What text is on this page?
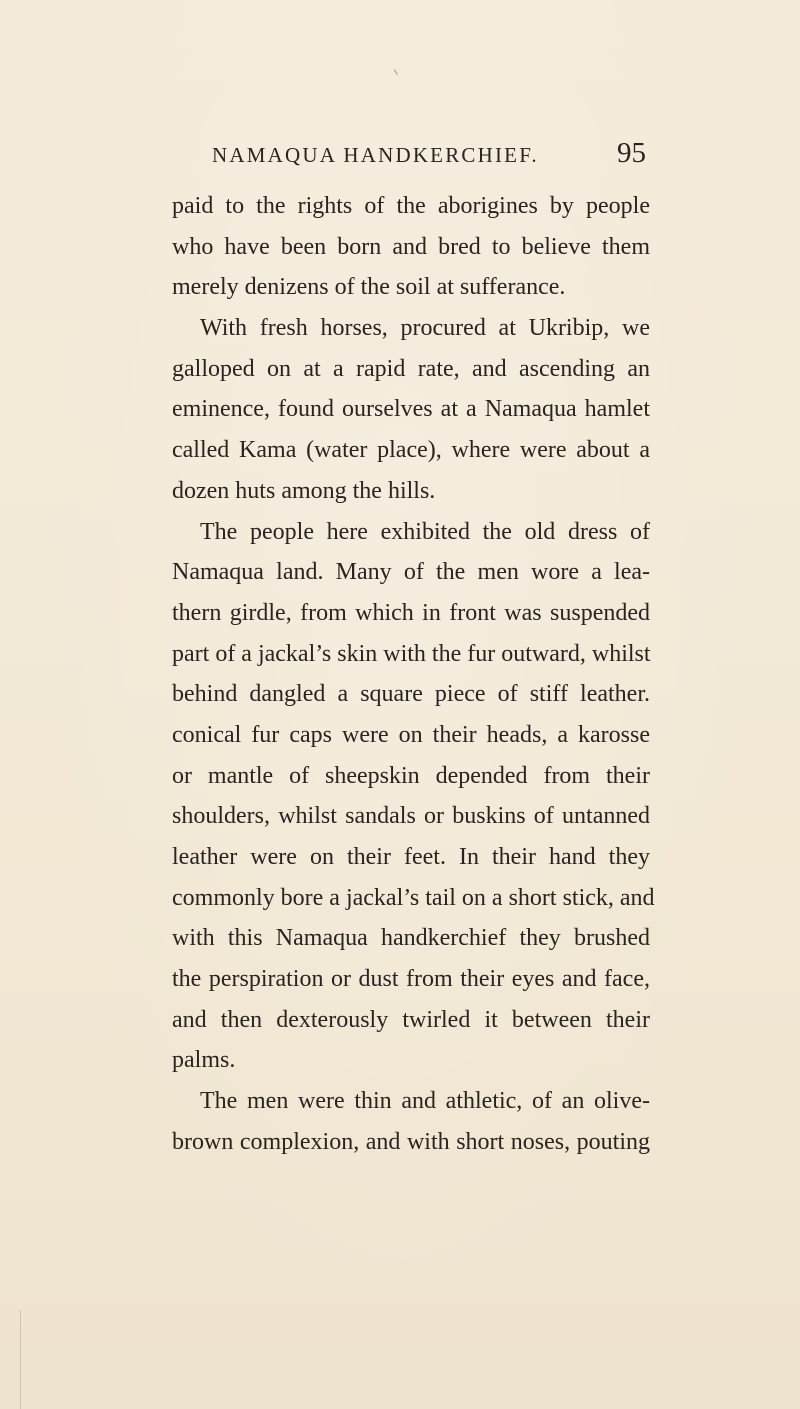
NAMAQUA HANDKERCHIEF.	95
paid to the rights of the aborigines by people
who have been born and bred to believe them
merely denizens of the soil at sufferance.
With fresh horses, procured at Ukribip, we
galloped on at a rapid rate, and ascending an
eminence, found ourselves at a Namaqua hamlet
called Kama (water place), where were about a
dozen huts among the hills.
The people here exhibited the old dress of
Namaqua land. Many of the men wore a lea-
thern girdle, from which in front was suspended
part of a jackal’s skin with the fur outward, whilst
behind dangled a square piece of stiff leather.
conical fur caps were on their heads, a karosse
or mantle of sheepskin depended from their
shoulders, whilst sandals or buskins of untanned
leather were on their feet. In their hand they
commonly bore a jackal’s tail on a short stick, and
with this Namaqua handkerchief they brushed
the perspiration or dust from their eyes and face,
and then dexterously twirled it between their
palms.
The men were thin and athletic, of an olive-
brown complexion, and with short noses, pouting
